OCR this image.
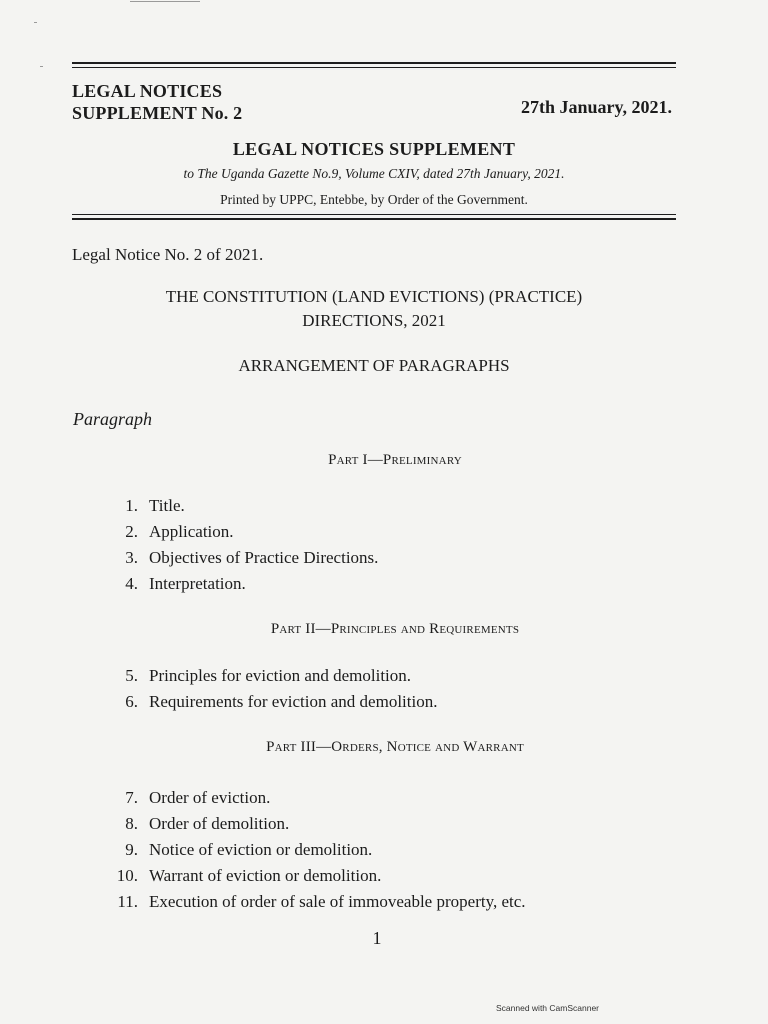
LEGAL NOTICES
SUPPLEMENT No. 2	27th January, 2021.
LEGAL NOTICES SUPPLEMENT
to The Uganda Gazette No.9, Volume CXIV, dated 27th January, 2021.
Printed by UPPC, Entebbe, by Order of the Government.
Legal Notice No. 2 of 2021.
THE CONSTITUTION (LAND EVICTIONS) (PRACTICE)
DIRECTIONS, 2021
ARRANGEMENT OF PARAGRAPHS
Paragraph
Part I—Preliminary
1. Title.
2. Application.
3. Objectives of Practice Directions.
4. Interpretation.
Part II—Principles and Requirements
5. Principles for eviction and demolition.
6. Requirements for eviction and demolition.
Part III—Orders, Notice and Warrant
7. Order of eviction.
8. Order of demolition.
9. Notice of eviction or demolition.
10. Warrant of eviction or demolition.
11. Execution of order of sale of immoveable property, etc.
1
Scanned with CamScanner
